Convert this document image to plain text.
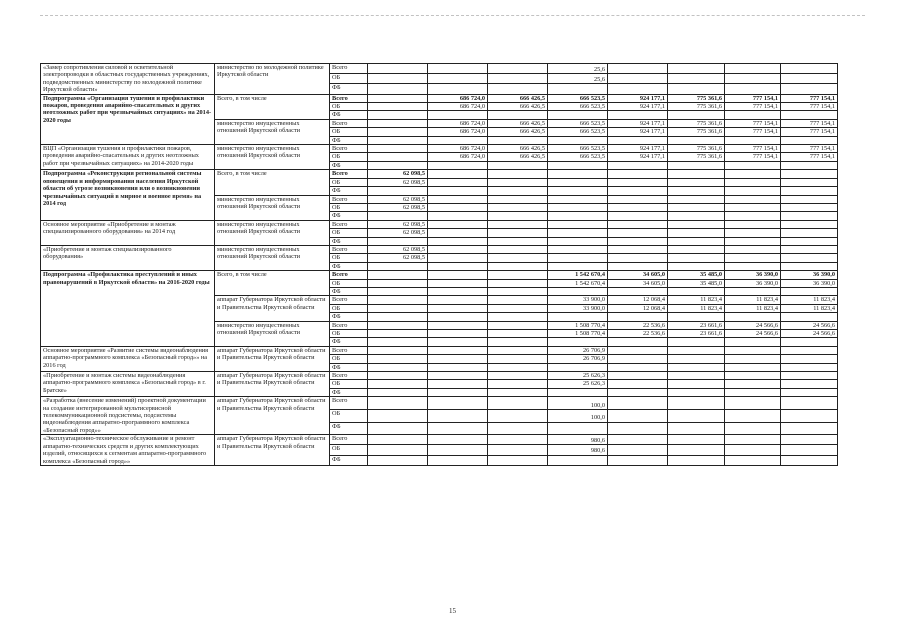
«Замер сопротивления силовой и осветительной электропроводки в областных государственных учреждениях, подведомственных министерству по молодежной политике Иркутской области»	министерство по молодежной политике Иркутской области	Всего				25,6				
		ОБ				25,6				
		ФБ								
Подпрограмма «Организация тушения и профилактики пожаров, проведения аварийно-спасательных и других неотложных работ при чрезвычайных ситуациях» на 2014-2020 годы	Всего, в том числе	Всего		686 724,0	666 426,5	666 523,5	924 177,1	775 361,6	777 154,1	777 154,1
		ОБ		686 724,0	666 426,5	666 523,5	924 177,1	775 361,6	777 154,1	777 154,1
		ФБ								
	министерство имущественных отношений Иркутской области	Всего		686 724,0	666 426,5	666 523,5	924 177,1	775 361,6	777 154,1	777 154,1
		ОБ		686 724,0	666 426,5	666 523,5	924 177,1	775 361,6	777 154,1	777 154,1
		ФБ								
ВЦП «Организация тушения и профилактики пожаров, проведения аварийно-спасательных и других неотложных работ при чрезвычайных ситуациях» на 2014-2020 годы	министерство имущественных отношений Иркутской области	Всего		686 724,0	666 426,5	666 523,5	924 177,1	775 361,6	777 154,1	777 154,1
		ОБ		686 724,0	666 426,5	666 523,5	924 177,1	775 361,6	777 154,1	777 154,1
		ФБ								
Подпрограмма «Реконструкция региональной системы оповещения и информирования населения Иркутской области об угрозе возникновения или о возникновении чрезвычайных ситуаций в мирное и военное время» на 2014 год	Всего, в том числе	Всего	62 098,5							
		ОБ	62 098,5							
		ФБ								
	министерство имущественных отношений Иркутской области	Всего	62 098,5							
		ОБ	62 098,5							
		ФБ								
Основное мероприятие «Приобретение и монтаж специализированного оборудования» на 2014 год	министерство имущественных отношений Иркутской области	Всего	62 098,5							
		ОБ	62 098,5							
		ФБ								
«Приобретение и монтаж специализированного оборудования»	министерство имущественных отношений Иркутской области	Всего	62 098,5							
		ОБ	62 098,5							
		ФБ								
Подпрограмма «Профилактика преступлений и иных правонарушений в Иркутской области» на 2016-2020 годы	Всего, в том числе	Всего				1 542 670,4	34 605,0	35 485,0	36 390,0	36 390,0
		ОБ				1 542 670,4	34 605,0	35 485,0	36 390,0	36 390,0
		ФБ								
	аппарат Губернатора Иркутской области и Правительства Иркутской области	Всего				33 900,0	12 068,4	11 823,4	11 823,4	11 823,4
		ОБ				33 900,0	12 068,4	11 823,4	11 823,4	11 823,4
		ФБ								
	министерство имущественных отношений Иркутской области	Всего				1 508 770,4	22 536,6	23 661,6	24 566,6	24 566,6
		ОБ				1 508 770,4	22 536,6	23 661,6	24 566,6	24 566,6
		ФБ								
Основное мероприятие «Развитие системы видеонаблюдения аппаратно-программного комплекса «Безопасный город»» на 2016 год	аппарат Губернатора Иркутской области и Правительства Иркутской области	Всего				26 706,9				
		ОБ				26 706,9				
		ФБ								
«Приобретение и монтаж системы видеонаблюдения аппаратно-программного комплекса «Безопасный город» в г. Братске»	аппарат Губернатора Иркутской области и Правительства Иркутской области	Всего				25 626,3				
		ОБ				25 626,3				
		ФБ								
«Разработка (внесение изменений) проектной документации на создание интегрированной мультисервисной телекоммуникационной подсистемы, подсистемы видеонаблюдения аппаратно-программного комплекса «Безопасный город»»	аппарат Губернатора Иркутской области и Правительства Иркутской области	Всего				100,0				
		ОБ				100,0				
		ФБ								
«Эксплуатационно-техническое обслуживание и ремонт аппаратно-технических средств и других комплектующих изделий, относящихся к сегментам аппаратно-программного комплекса «Безопасный город»»	аппарат Губернатора Иркутской области и Правительства Иркутской области	Всего				980,6				
		ОБ				980,6				
		ФБ								
15
